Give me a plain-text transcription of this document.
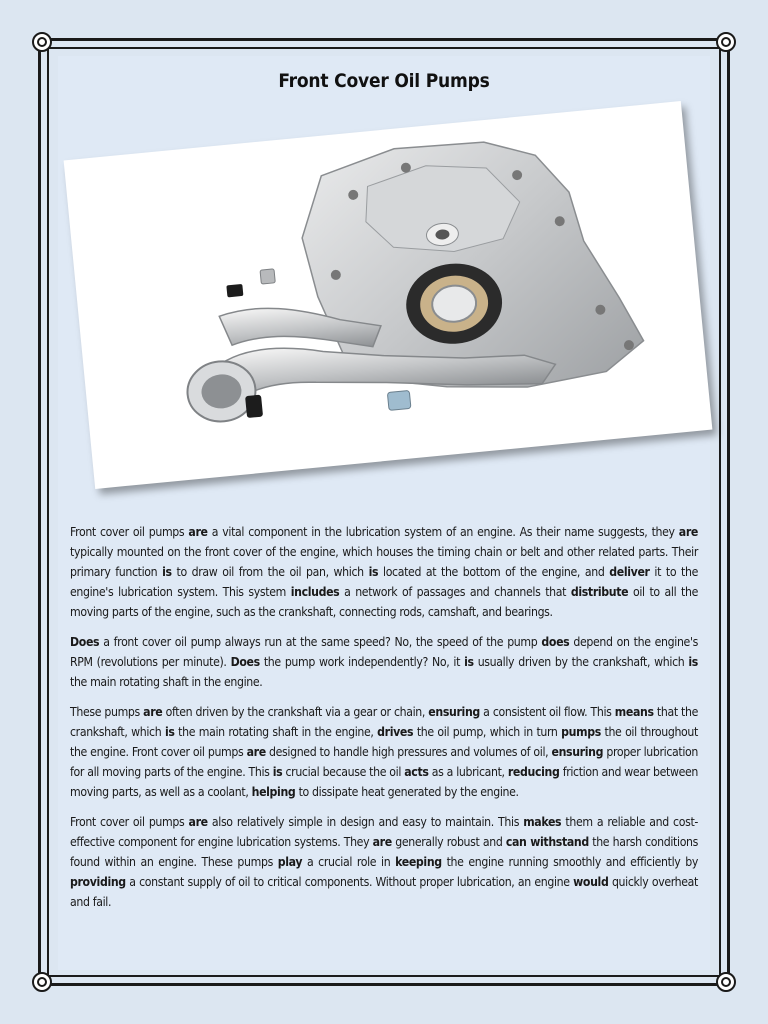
Front Cover Oil Pumps

Front cover oil pumps are a vital component in the lubrication system of an engine. As their name suggests, they are typically mounted on the front cover of the engine, which houses the timing chain or belt and other related parts. Their primary function is to draw oil from the oil pan, which is located at the bottom of the engine, and deliver it to the engine's lubrication system. This system includes a network of passages and channels that distribute oil to all the moving parts of the engine, such as the crankshaft, connecting rods, camshaft, and bearings.

Does a front cover oil pump always run at the same speed? No, the speed of the pump does depend on the engine's RPM (revolutions per minute). Does the pump work independently? No, it is usually driven by the crankshaft, which is the main rotating shaft in the engine.

These pumps are often driven by the crankshaft via a gear or chain, ensuring a consistent oil flow. This means that the crankshaft, which is the main rotating shaft in the engine, drives the oil pump, which in turn pumps the oil throughout the engine. Front cover oil pumps are designed to handle high pressures and volumes of oil, ensuring proper lubrication for all moving parts of the engine. This is crucial because the oil acts as a lubricant, reducing friction and wear between moving parts, as well as a coolant, helping to dissipate heat generated by the engine.

Front cover oil pumps are also relatively simple in design and easy to maintain. This makes them a reliable and cost-effective component for engine lubrication systems. They are generally robust and can withstand the harsh conditions found within an engine. These pumps play a crucial role in keeping the engine running smoothly and efficiently by providing a constant supply of oil to critical components. Without proper lubrication, an engine would quickly overheat and fail.
